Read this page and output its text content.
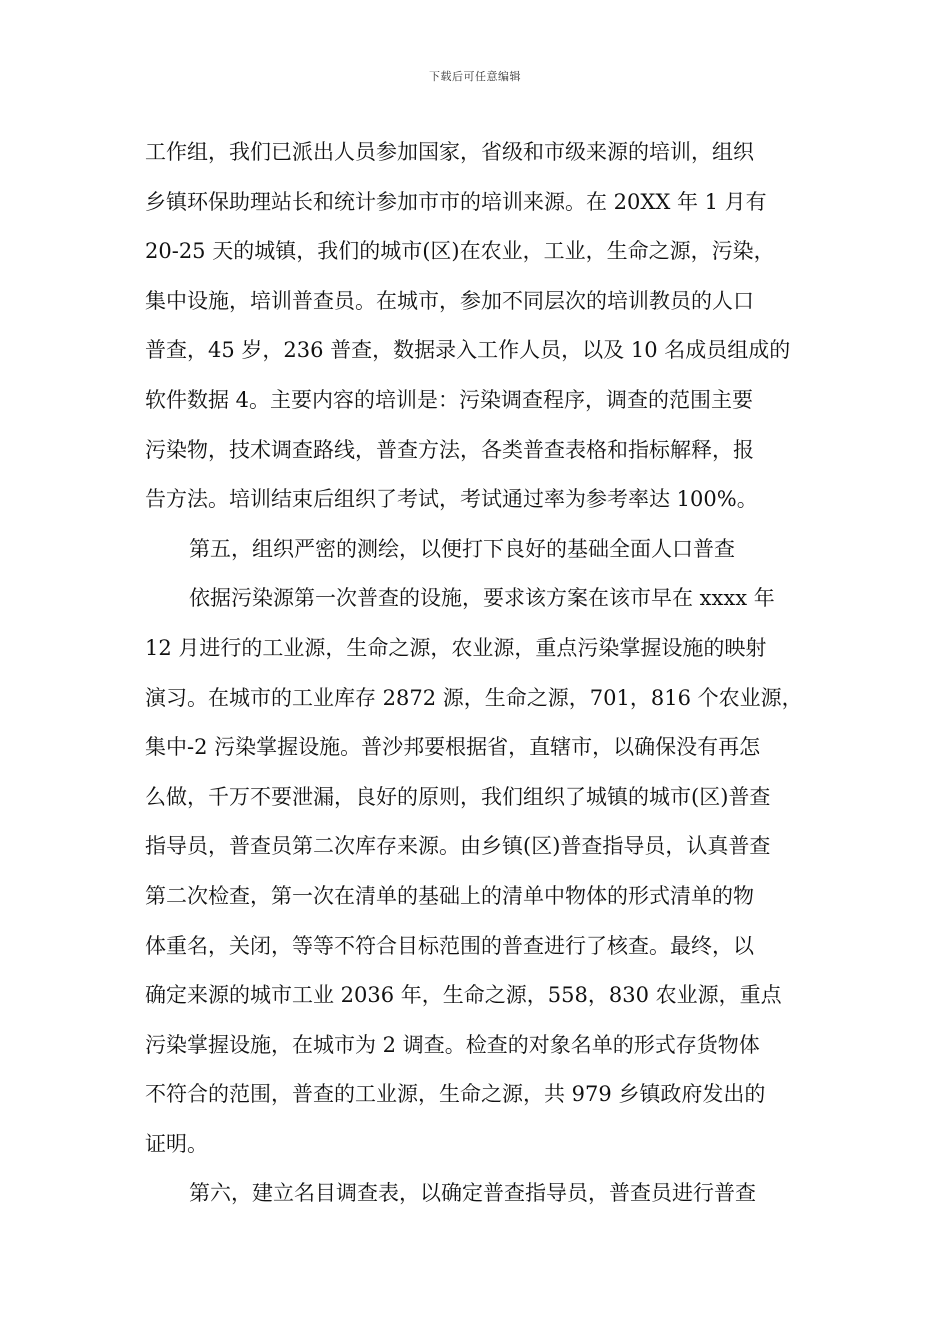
下载后可任意编辑
工作组，我们已派出人员参加国家，省级和市级来源的培训，组织
乡镇环保助理站长和统计参加市市的培训来源。在 20XX 年 1 月有
20-25 天的城镇，我们的城市(区)在农业，工业，生命之源，污染，
集中设施，培训普查员。在城市，参加不同层次的培训教员的人口
普查，45 岁，236 普查，数据录入工作人员，以及 10 名成员组成的
软件数据 4。主要内容的培训是：污染调查程序，调查的范围主要
污染物，技术调查路线，普查方法，各类普查表格和指标解释，报
告方法。培训结束后组织了考试，考试通过率为参考率达 100%。
第五，组织严密的测绘，以便打下良好的基础全面人口普查
依据污染源第一次普查的设施，要求该方案在该市早在 xxxx 年
12 月进行的工业源，生命之源，农业源，重点污染掌握设施的映射
演习。在城市的工业库存 2872 源，生命之源，701，816 个农业源，
集中-2 污染掌握设施。普沙邦要根据省，直辖市，以确保没有再怎
么做，千万不要泄漏，良好的原则，我们组织了城镇的城市(区)普查
指导员，普查员第二次库存来源。由乡镇(区)普查指导员，认真普查
第二次检查，第一次在清单的基础上的清单中物体的形式清单的物
体重名，关闭，等等不符合目标范围的普查进行了核查。最终，以
确定来源的城市工业 2036 年，生命之源，558，830 农业源，重点
污染掌握设施，在城市为 2 调查。检查的对象名单的形式存货物体
不符合的范围，普查的工业源，生命之源，共 979 乡镇政府发出的
证明。
第六，建立名目调查表，以确定普查指导员，普查员进行普查
